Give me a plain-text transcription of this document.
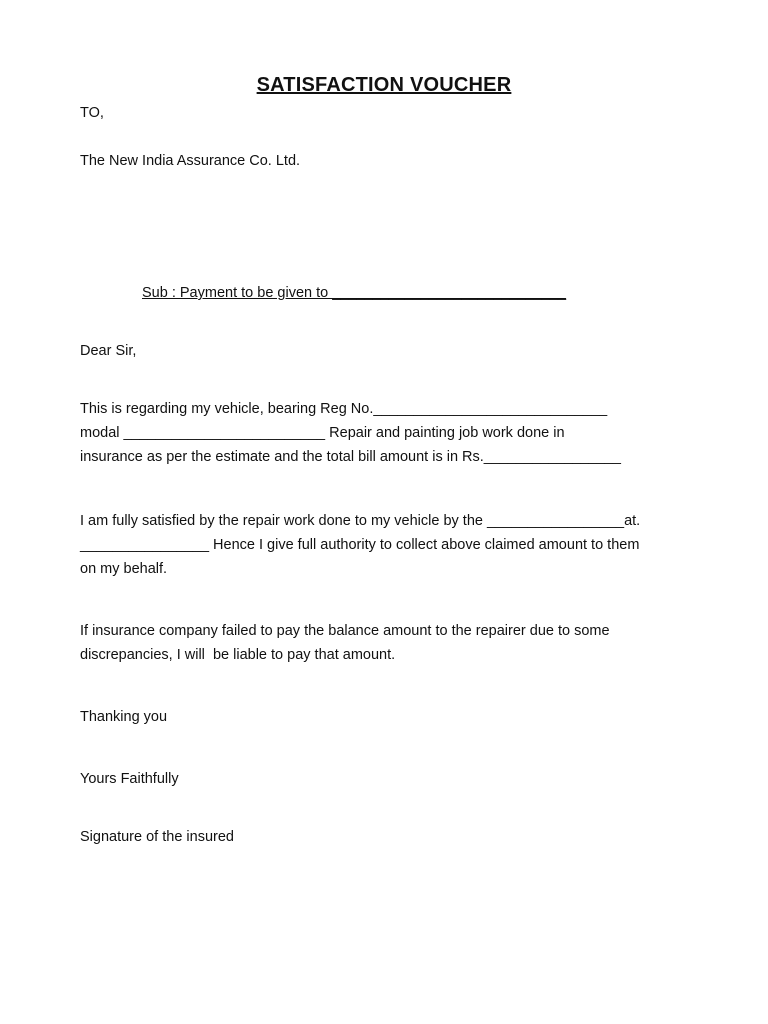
SATISFACTION VOUCHER
TO,
The New India Assurance Co. Ltd.
Sub : Payment to be given to _____________________________
Dear Sir,
This is regarding my vehicle, bearing Reg No._____________________________
modal _________________________ Repair and painting job work done in
insurance as per the estimate and the total bill amount is in Rs._________________
I am fully satisfied by the repair work done to my vehicle by the _________________at.
________________ Hence I give full authority to collect above claimed amount to them
on my behalf.
If insurance company failed to pay the balance amount to the repairer due to some
discrepancies, I will  be liable to pay that amount.
Thanking you
Yours Faithfully
Signature of the insured
